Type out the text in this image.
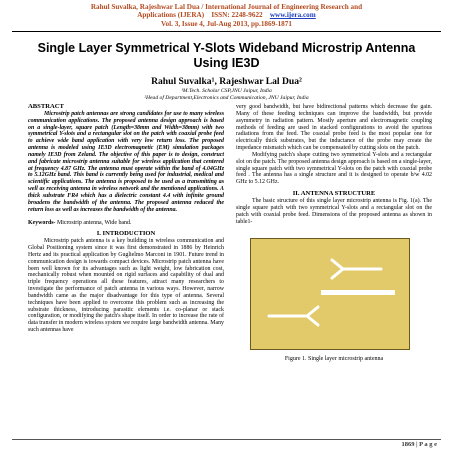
Rahul Suvalka, Rajeshwar Lal Dua / International Journal of Engineering Research and
Applications (IJERA) ISSN: 2248-9622 www.ijera.com
Vol. 3, Issue 4, Jul-Aug 2013, pp.1869-1871
Single Layer Symmetrical Y-Slots Wideband Microstrip Antenna Using IE3D
Rahul Suvalka¹, Rajeshwar Lal Dua²
¹M.Tech. Scholar CSP,JNU Jaipur, India
²Head of Department,Electronics and Communication, JNU Jaipur, India
ABSTRACT
Microstrip patch antennas are strong candidates for use to many wireless communication applications. The proposed antenna design approach is based on a single-layer, square patch (Length=38mm and Width=38mm) with two symmetrical Y-slots and a rectangular slot on the patch with coaxial probe feed to achieve wide band application with very low return loss. The proposed antenna is modeled using IE3D electromagnetic (EM) simulation packages namely IE3D from Zeland. The objective of this paper is to design, construct and fabricate microstrip antenna suitable for wireless application that centered at frequency 4.87 GHz. The antenna must operate within the band of 4.04GHz to 5.12GHz band. This band is currently being used for industrial, medical and scientific applications. The antenna is proposed to be used as a transmitting as well as receiving antenna in wireless network and the mentioned applications. A thick substrate FR4 which has a dielectric constant 4.4 with infinite ground broadens the bandwidth of the antenna. The proposed antenna reduced the return loss as well as increases the bandwidth of the antenna.
Keywords- Microstrip antenna, Wide band.
I. INTRODUCTION
Microstrip patch antenna is a key building in wireless communication and Global Positioning system since it was first demonstrated in 1886 by Heinrich Hertz and its practical application by Guglielmo Marconi in 1901. Future trend in communication design is towards compact devices. Microstrip patch antenna have been well known for its advantages such as light weight, low fabrication cost, mechanically robust when mounted on rigid surfaces and capability of dual and triple frequency operations all these features, attract many researchers to investigate the performance of patch antenna in various ways. However, narrow bandwidth came as the major disadvantage for this type of antenna. Several techniques have been applied to overcome this problem such as increasing the substrate thickness, introducing parasitic elements i.e. co-planar or stack configuration, or modifying the patch's shape itself. In order to increase the rate of data transfer in modern wireless system we require large bandwidth antenna. Many such antennas have
very good bandwidth, but have bidirectional patterns which decrease the gain. Many of these feeding techniques can improve the bandwidth, but provide asymmetry in radiation pattern. Mostly aperture and electromagnetic coupling methods of feeding are used in stacked configurations to avoid the spurious radiations from the feed. The coaxial probe feed is the most popular one for electrically thick substrates, but the inductance of the probe may create the impedance mismatch which can be compensated by cutting slots on the patch.
Modifying patch's shape cutting two symmetrical Y-slots and a rectangular slot on the patch. The proposed antenna design approach is based on a single-layer, single square patch with two symmetrical Y-slots on the patch with coaxial probe feed . The antenna has a single structure and it is designed to operate b/w 4.02 GHz to 5.12 GHz.
II. ANTENNA STRUCTURE
The basic structure of this single layer microstrip antenna is Fig. 1(a). The single square patch with two symmetrical Y-slots and a rectangular slot on the patch with coaxial probe feed. Dimensions of the proposed antenna as shown in table1-
Figure 1. Single layer microstrip antenna
1869 | P a g e
